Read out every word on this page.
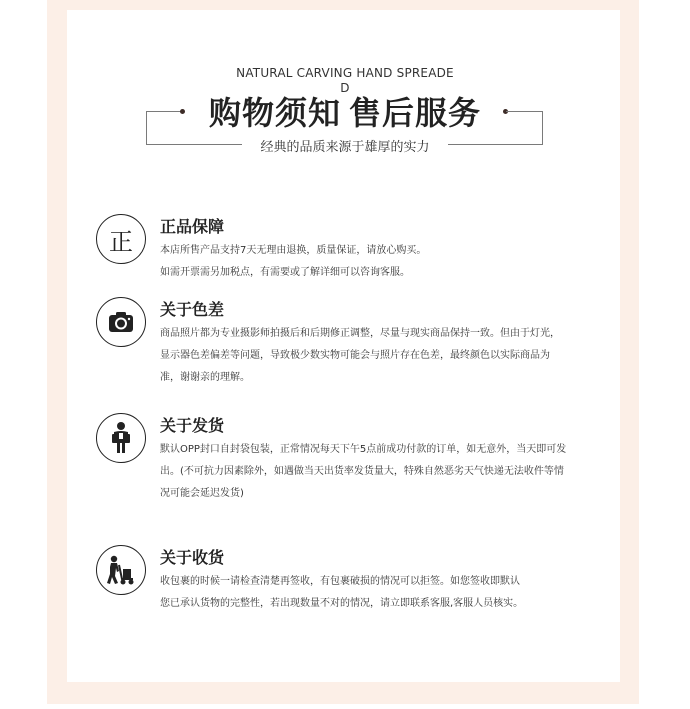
NATURAL CARVING HAND SPREADE
D
购物须知 售后服务
经典的品质来源于雄厚的实力
正
正品保障
本店所售产品支持7天无理由退换，质量保证，请放心购买。
如需开票需另加税点，有需要或了解详细可以咨询客服。
关于色差
商品照片都为专业摄影师拍摄后和后期修正调整，尽量与现实商品保持一致。但由于灯光，
显示器色差偏差等问题，导致极少数实物可能会与照片存在色差，最终颜色以实际商品为
准，谢谢亲的理解。
关于发货
默认OPP封口自封袋包装，正常情况每天下午5点前成功付款的订单，如无意外，当天即可发
出。(不可抗力因素除外，如遇做当天出货率发货量大，特殊自然恶劣天气快递无法收件等情
况可能会延迟发货)
关于收货
收包裹的时候一请检查清楚再签收，有包裹破损的情况可以拒签。如您签收即默认
您已承认货物的完整性，若出现数量不对的情况，请立即联系客服,客服人员核实。
